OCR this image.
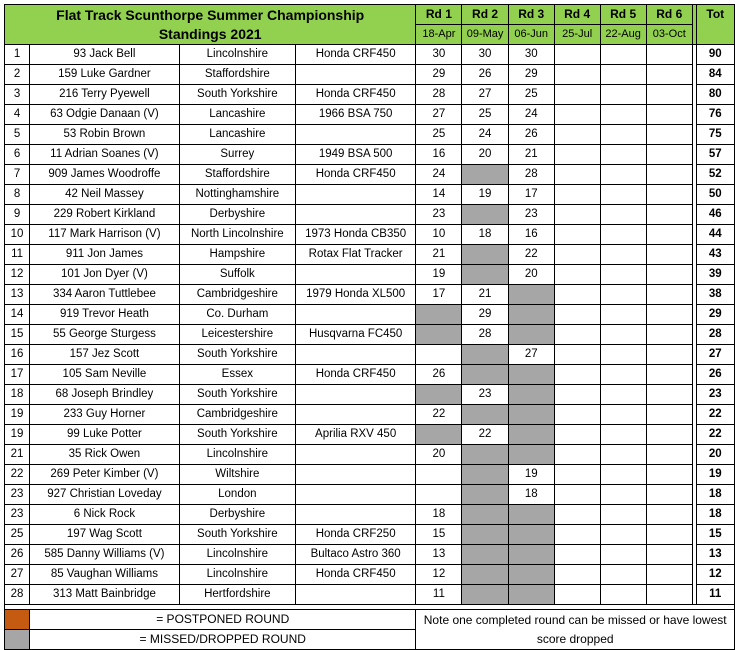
Flat Track Scunthorpe Summer Championship
Standings 2021				Rd 1	Rd 2	Rd 3	Rd 4	Rd 5	Rd 6		Tot
				18-Apr	09-May	06-Jun	25-Jul	22-Aug	03-Oct		
1	93 Jack Bell	Lincolnshire	Honda CRF450	30	30	30					90
2	159 Luke Gardner	Staffordshire		29	26	29					84
3	216 Terry Pyewell	South Yorkshire	Honda CRF450	28	27	25					80
4	63 Odgie Danaan (V)	Lancashire	1966 BSA 750	27	25	24					76
5	53 Robin Brown	Lancashire		25	24	26					75
6	11 Adrian Soanes (V)	Surrey	1949 BSA 500	16	20	21					57
7	909 James Woodroffe	Staffordshire	Honda CRF450	24		28					52
8	42 Neil Massey	Nottinghamshire		14	19	17					50
9	229 Robert Kirkland	Derbyshire		23		23					46
10	117 Mark Harrison (V)	North Lincolnshire	1973 Honda CB350	10	18	16					44
11	911 Jon James	Hampshire	Rotax Flat Tracker	21		22					43
12	101 Jon Dyer (V)	Suffolk		19		20					39
13	334 Aaron Tuttlebee	Cambridgeshire	1979 Honda XL500	17	21						38
14	919 Trevor Heath	Co. Durham			29						29
15	55 George Sturgess	Leicestershire	Husqvarna FC450		28						28
16	157 Jez Scott	South Yorkshire				27					27
17	105 Sam Neville	Essex	Honda CRF450	26							26
18	68 Joseph Brindley	South Yorkshire			23						23
19	233 Guy Horner	Cambridgeshire		22							22
19	99 Luke Potter	South Yorkshire	Aprilia RXV 450		22						22
21	35 Rick Owen	Lincolnshire		20							20
22	269 Peter Kimber (V)	Wiltshire				19					19
23	927 Christian Loveday	London				18					18
23	6 Nick Rock	Derbyshire		18							18
25	197 Wag Scott	South Yorkshire	Honda CRF250	15							15
26	585 Danny Williams (V)	Lincolnshire	Bultaco Astro 360	13							13
27	85 Vaughan Williams	Lincolnshire	Honda CRF450	12							12
28	313 Matt Bainbridge	Hertfordshire		11							11

	= POSTPONED ROUND			Note one completed round can be missed or have lowest score dropped							
	= MISSED/DROPPED ROUND										
